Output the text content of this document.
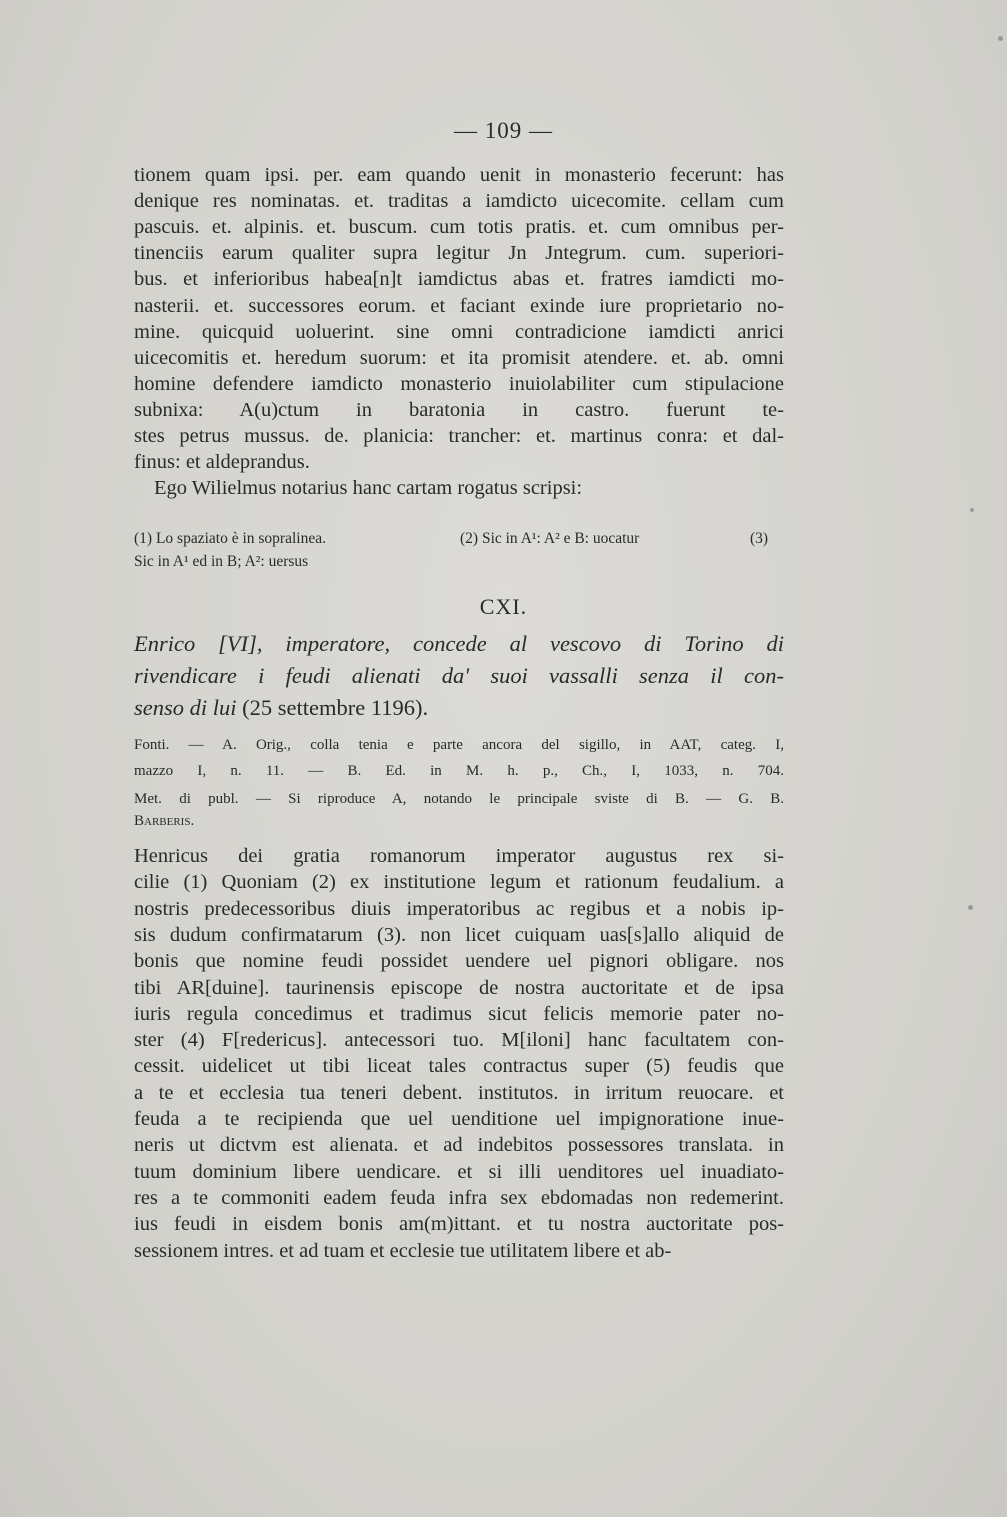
— 109 —
tionem quam ipsi. per. eam quando uenit in monasterio fecerunt: has
denique res nominatas. et. traditas a iamdicto uicecomite. cellam cum
pascuis. et. alpinis. et. buscum. cum totis pratis. et. cum omnibus per-
tinenciis earum qualiter supra legitur Jn Jntegrum. cum. superiori-
bus. et inferioribus habea[n]t iamdictus abas et. fratres iamdicti mo-
nasterii. et. successores eorum. et faciant exinde iure proprietario no-
mine. quicquid uoluerint. sine omni contradicione iamdicti anrici
uicecomitis et. heredum suorum: et ita promisit atendere. et. ab. omni
homine defendere iamdicto monasterio inuiolabiliter cum stipulacione
subnixa: A(u)ctum in baratonia in castro. fuerunt te-
stes petrus mussus. de. planicia: trancher: et. martinus conra: et dal-
finus: et aldeprandus.
Ego Wilielmus notarius hanc cartam rogatus scripsi:
(1) Lo spaziato è in sopralinea.	(2) Sic in A¹: A² e B: uocatur	(3)
Sic in A¹ ed in B; A²: uersus
CXI.
Enrico [VI], imperatore, concede al vescovo di Torino di
rivendicare i feudi alienati da' suoi vassalli senza il con-
senso di lui (25 settembre 1196).
Fonti. — A. Orig., colla tenia e parte ancora del sigillo, in AAT, categ. I,
mazzo I, n. 11. — B. Ed. in M. h. p., Ch., I, 1033, n. 704.
Met. di publ. — Si riproduce A, notando le principale sviste di B. — G. B.
Barberis.
Henricus dei gratia romanorum imperator augustus rex si-
cilie (1) Quoniam (2) ex institutione legum et rationum feudalium. a
nostris predecessoribus diuis imperatoribus ac regibus et a nobis ip-
sis dudum confirmatarum (3). non licet cuiquam uas[s]allo aliquid de
bonis que nomine feudi possidet uendere uel pignori obligare. nos
tibi AR[duine]. taurinensis episcope de nostra auctoritate et de ipsa
iuris regula concedimus et tradimus sicut felicis memorie pater no-
ster (4) F[redericus]. antecessori tuo. M[iloni] hanc facultatem con-
cessit. uidelicet ut tibi liceat tales contractus super (5) feudis que
a te et ecclesia tua teneri debent. institutos. in irritum reuocare. et
feuda a te recipienda que uel uenditione uel impignoratione inue-
neris ut dictvm est alienata. et ad indebitos possessores translata. in
tuum dominium libere uendicare. et si illi uenditores uel inuadiato-
res a te commoniti eadem feuda infra sex ebdomadas non redemerint.
ius feudi in eisdem bonis am(m)ittant. et tu nostra auctoritate pos-
sessionem intres. et ad tuam et ecclesie tue utilitatem libere et ab-
